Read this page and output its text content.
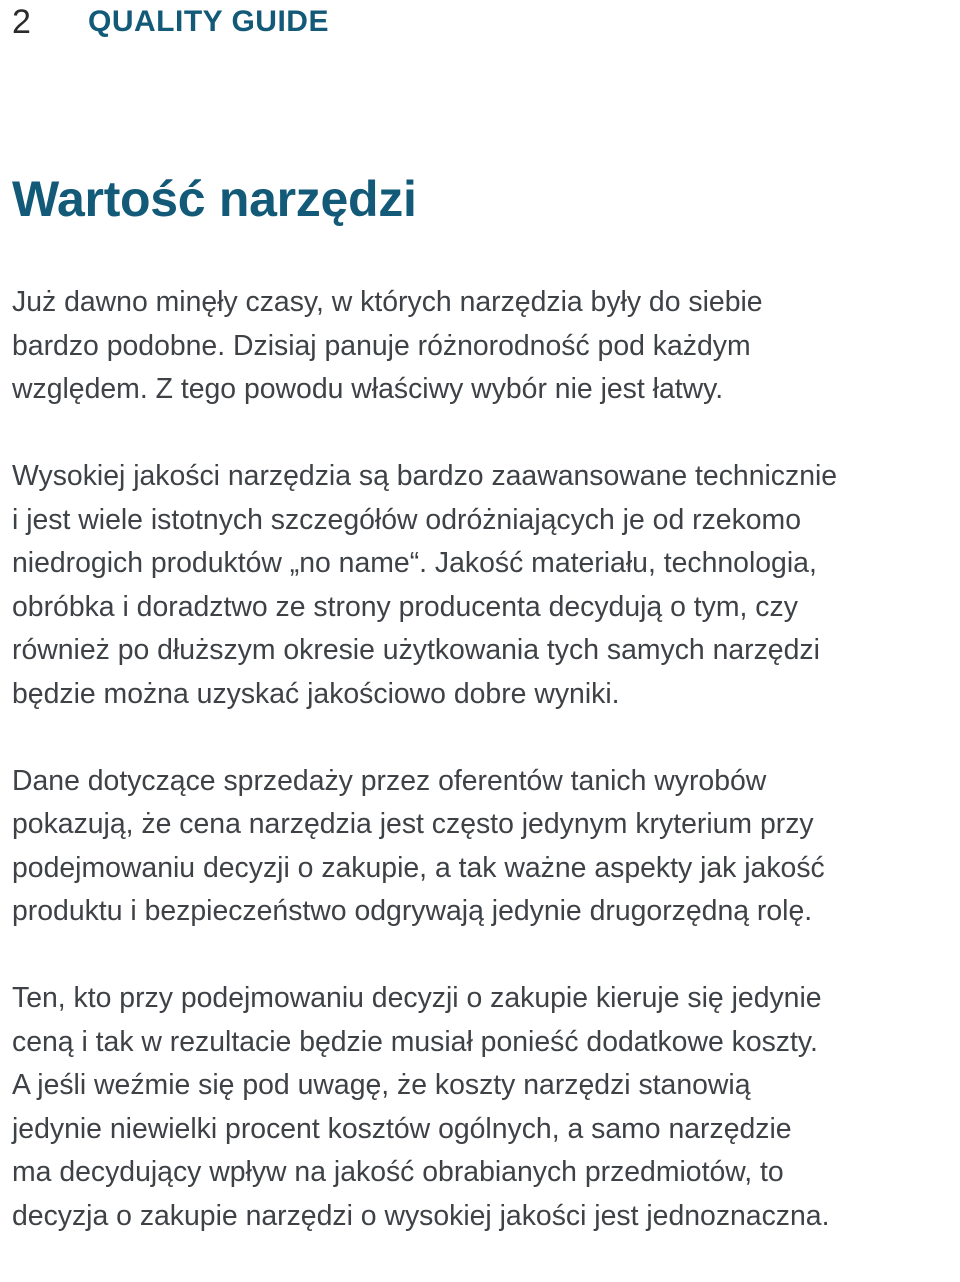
2	QUALITY GUIDE
Wartość narzędzi

Już dawno minęły czasy, w których narzędzia były do siebie
bardzo podobne. Dzisiaj panuje różnorodność pod każdym
względem. Z tego powodu właściwy wybór nie jest łatwy.

Wysokiej jakości narzędzia są bardzo zaawansowane technicznie
i jest wiele istotnych szczegółów odróżniających je od rzekomo
niedrogich produktów „no name“. Jakość materiału, technologia,
obróbka i doradztwo ze strony producenta decydują o tym, czy
również po dłuższym okresie użytkowania tych samych narzędzi
będzie można uzyskać jakościowo dobre wyniki.

Dane dotyczące sprzedaży przez oferentów tanich wyrobów
pokazują, że cena narzędzia jest często jedynym kryterium przy
podejmowaniu decyzji o zakupie, a tak ważne aspekty jak jakość
produktu i bezpieczeństwo odgrywają jedynie drugorzędną rolę.

Ten, kto przy podejmowaniu decyzji o zakupie kieruje się jedynie
ceną i tak w rezultacie będzie musiał ponieść dodatkowe koszty.
A jeśli weźmie się pod uwagę, że koszty narzędzi stanowią
jedynie niewielki procent kosztów ogólnych, a samo narzędzie
ma decydujący wpływ na jakość obrabianych przedmiotów, to
decyzja o zakupie narzędzi o wysokiej jakości jest jednoznaczna.
